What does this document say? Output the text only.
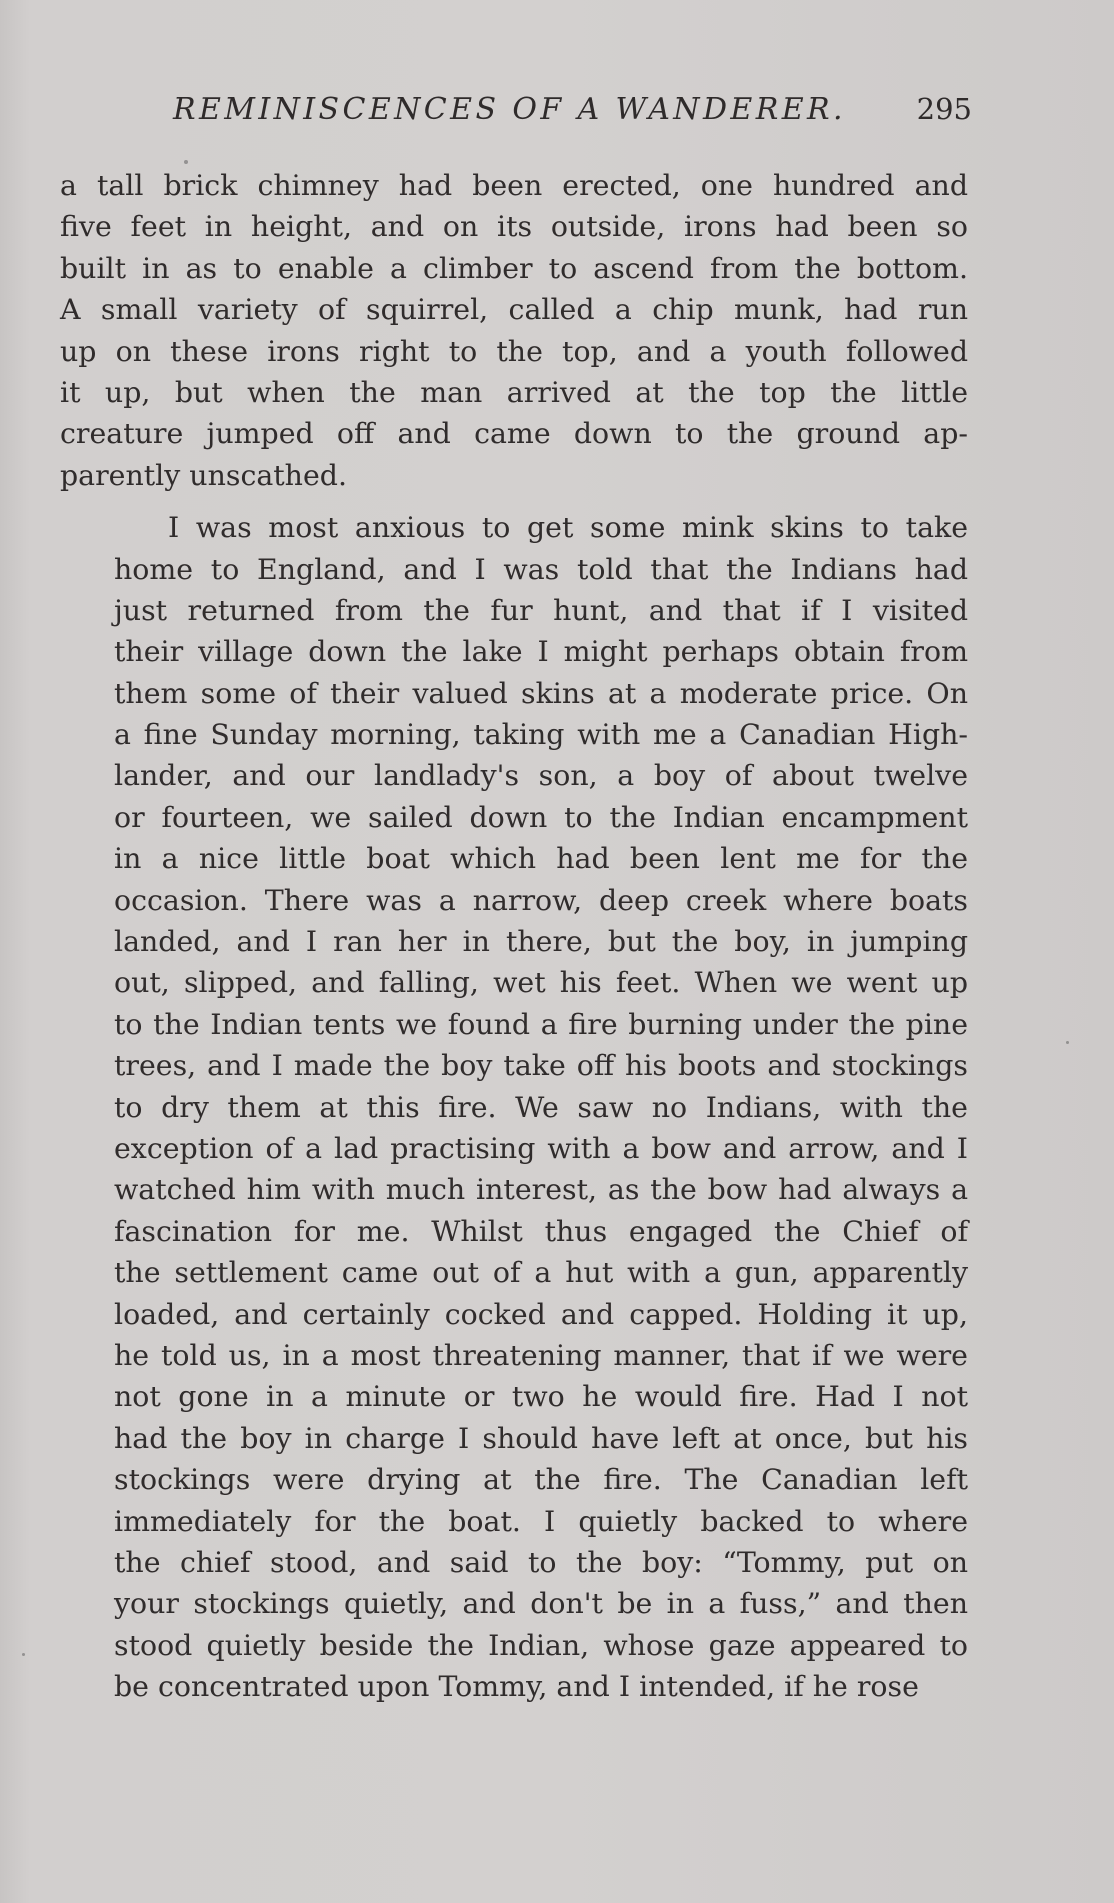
REMINISCENCES OF A WANDERER. 295
a tall brick chimney had been erected, one hundred and
five feet in height, and on its outside, irons had been so
built in as to enable a climber to ascend from the bottom.
A small variety of squirrel, called a chip munk, had run
up on these irons right to the top, and a youth followed
it up, but when the man arrived at the top the little
creature jumped off and came down to the ground ap-
parently unscathed.
I was most anxious to get some mink skins to take
home to England, and I was told that the Indians had
just returned from the fur hunt, and that if I visited
their village down the lake I might perhaps obtain from
them some of their valued skins at a moderate price. On
a fine Sunday morning, taking with me a Canadian High-
lander, and our landlady's son, a boy of about twelve
or fourteen, we sailed down to the Indian encampment
in a nice little boat which had been lent me for the
occasion. There was a narrow, deep creek where boats
landed, and I ran her in there, but the boy, in jumping
out, slipped, and falling, wet his feet. When we went up
to the Indian tents we found a fire burning under the pine
trees, and I made the boy take off his boots and stockings
to dry them at this fire. We saw no Indians, with the
exception of a lad practising with a bow and arrow, and I
watched him with much interest, as the bow had always a
fascination for me. Whilst thus engaged the Chief of
the settlement came out of a hut with a gun, apparently
loaded, and certainly cocked and capped. Holding it up,
he told us, in a most threatening manner, that if we were
not gone in a minute or two he would fire. Had I not
had the boy in charge I should have left at once, but his
stockings were drying at the fire. The Canadian left
immediately for the boat. I quietly backed to where
the chief stood, and said to the boy: “Tommy, put on
your stockings quietly, and don't be in a fuss,” and then
stood quietly beside the Indian, whose gaze appeared to
be concentrated upon Tommy, and I intended, if he rose
